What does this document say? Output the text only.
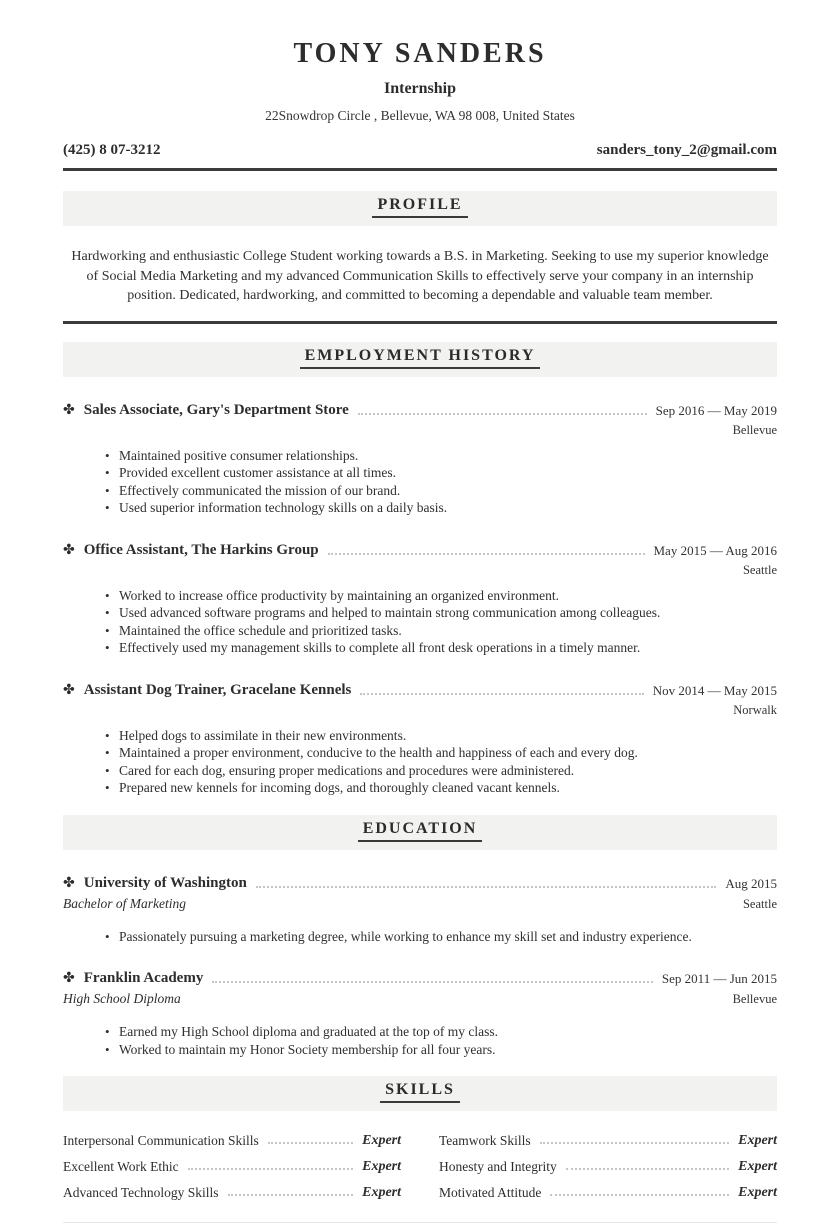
TONY SANDERS
Internship
22Snowdrop Circle , Bellevue, WA 98 008, United States
(425) 8 07-3212	sanders_tony_2@gmail.com
PROFILE
Hardworking and enthusiastic College Student working towards a B.S. in Marketing. Seeking to use my superior knowledge of Social Media Marketing and my advanced Communication Skills to effectively serve your company in an internship position. Dedicated, hardworking, and committed to becoming a dependable and valuable team member.
EMPLOYMENT HISTORY
✤ Sales Associate, Gary's Department Store	Sep 2016 — May 2019
Bellevue
• Maintained positive consumer relationships.
• Provided excellent customer assistance at all times.
• Effectively communicated the mission of our brand.
• Used superior information technology skills on a daily basis.
✤ Office Assistant, The Harkins Group	May 2015 — Aug 2016
Seattle
• Worked to increase office productivity by maintaining an organized environment.
• Used advanced software programs and helped to maintain strong communication among colleagues.
• Maintained the office schedule and prioritized tasks.
• Effectively used my management skills to complete all front desk operations in a timely manner.
✤ Assistant Dog Trainer, Gracelane Kennels	Nov 2014 — May 2015
Norwalk
• Helped dogs to assimilate in their new environments.
• Maintained a proper environment, conducive to the health and happiness of each and every dog.
• Cared for each dog, ensuring proper medications and procedures were administered.
• Prepared new kennels for incoming dogs, and thoroughly cleaned vacant kennels.
EDUCATION
✤ University of Washington	Aug 2015
Bachelor of Marketing	Seattle
• Passionately pursuing a marketing degree, while working to enhance my skill set and industry experience.
✤ Franklin Academy	Sep 2011 — Jun 2015
High School Diploma	Bellevue
• Earned my High School diploma and graduated at the top of my class.
• Worked to maintain my Honor Society membership for all four years.
SKILLS
Interpersonal Communication Skills	Expert
Excellent Work Ethic	Expert
Advanced Technology Skills	Expert
Teamwork Skills	Expert
Honesty and Integrity	Expert
Motivated Attitude	Expert
